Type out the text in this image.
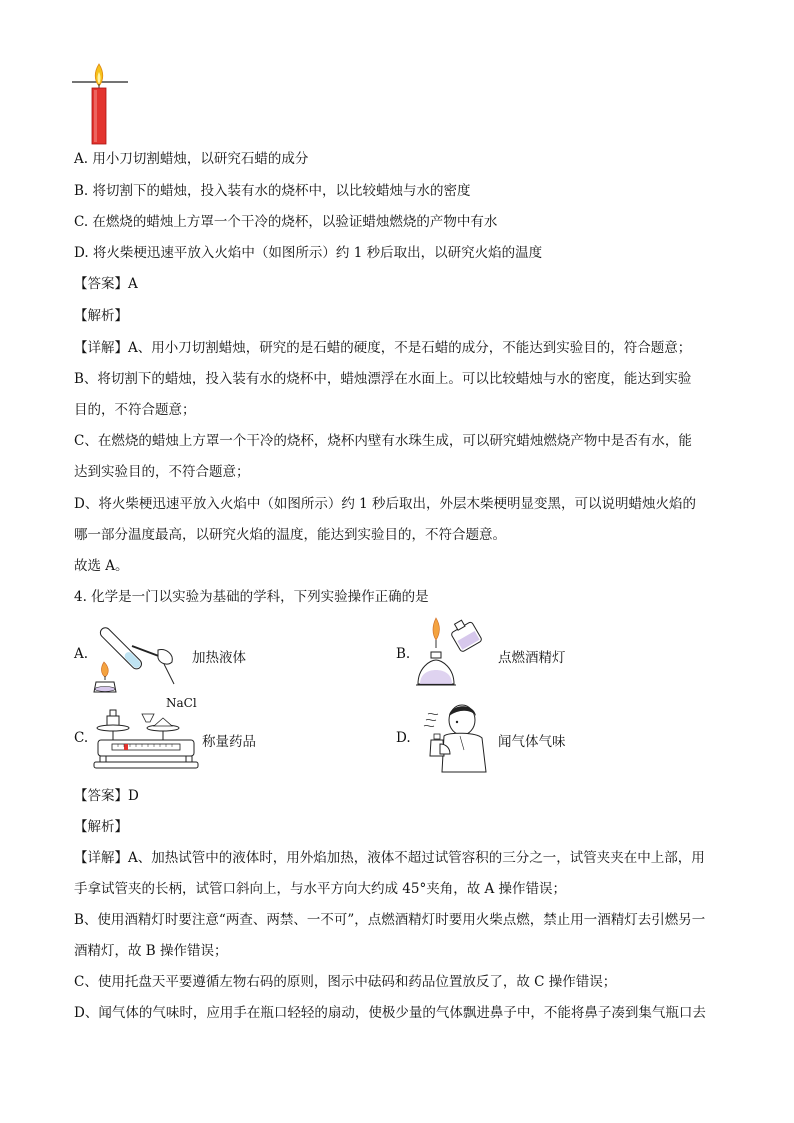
A. 用小刀切割蜡烛，以研究石蜡的成分
B. 将切割下的蜡烛，投入装有水的烧杯中，以比较蜡烛与水的密度
C. 在燃烧的蜡烛上方罩一个干冷的烧杯，以验证蜡烛燃烧的产物中有水
D. 将火柴梗迅速平放入火焰中（如图所示）约 1 秒后取出，以研究火焰的温度
【答案】A
【解析】
【详解】A、用小刀切割蜡烛，研究的是石蜡的硬度，不是石蜡的成分，不能达到实验目的，符合题意；
B、将切割下的蜡烛，投入装有水的烧杯中，蜡烛漂浮在水面上。可以比较蜡烛与水的密度，能达到实验
目的，不符合题意；
C、在燃烧的蜡烛上方罩一个干冷的烧杯，烧杯内壁有水珠生成，可以研究蜡烛燃烧产物中是否有水，能
达到实验目的，不符合题意；
D、将火柴梗迅速平放入火焰中（如图所示）约 1 秒后取出，外层木柴梗明显变黑，可以说明蜡烛火焰的
哪一部分温度最高，以研究火焰的温度，能达到实验目的，不符合题意。
故选 A。
4. 化学是一门以实验为基础的学科，下列实验操作正确的是
A.	加热液体	B.	点燃酒精灯
C.
NaCl
称量药品	D.	闻气体气味
【答案】D
【解析】
【详解】A、加热试管中的液体时，用外焰加热，液体不超过试管容积的三分之一，试管夹夹在中上部，用
手拿试管夹的长柄，试管口斜向上，与水平方向大约成 45°夹角，故 A 操作错误；
B、使用酒精灯时要注意“两查、两禁、一不可”，点燃酒精灯时要用火柴点燃，禁止用一酒精灯去引燃另一
酒精灯，故 B 操作错误；
C、使用托盘天平要遵循左物右码的原则，图示中砝码和药品位置放反了，故 C 操作错误；
D、闻气体的气味时，应用手在瓶口轻轻的扇动，使极少量的气体飘进鼻子中，不能将鼻子凑到集气瓶口去
